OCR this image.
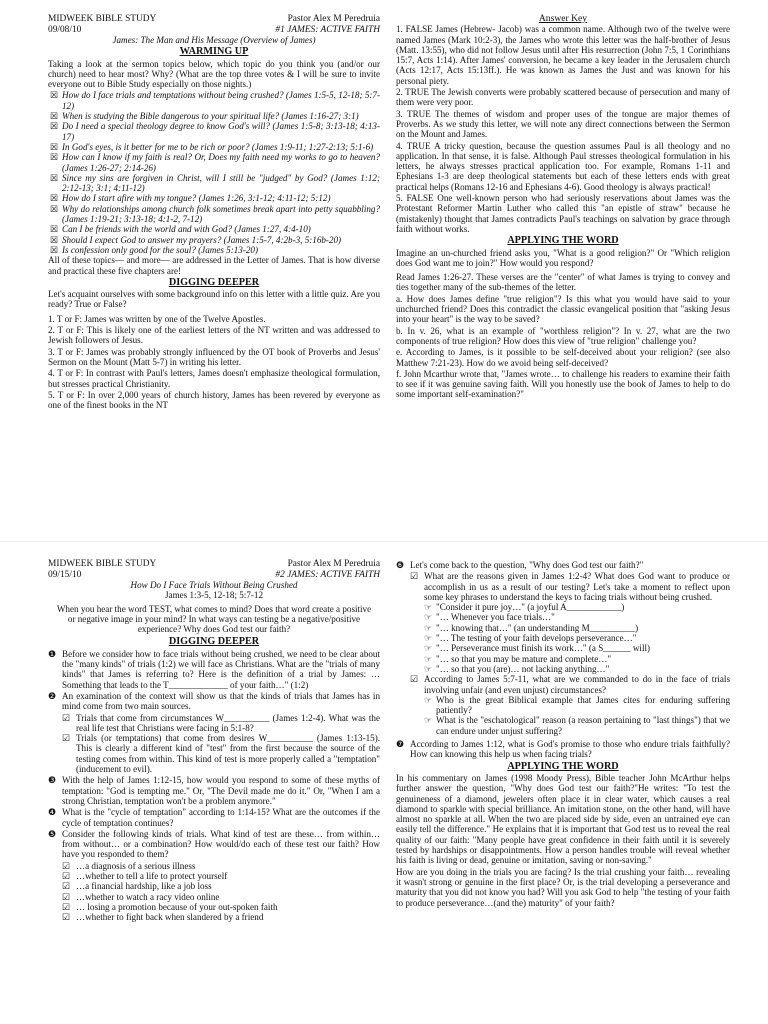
MIDWEEK BIBLE STUDY	Pastor Alex M Peredruia
09/08/10	#1 JAMES: ACTIVE FAITH
James: The Man and His Message (Overview of James)
WARMING UP

Taking a look at the sermon topics below, which topic do you think you (and/or our church) need to hear most? Why? (What are the top three votes & I will be sure to invite everyone out to Bible Study especially on those nights.)

☒ How do I face trials and temptations without being crushed? (James 1:5-5, 12-18; 5:7-12)
☒ When is studying the Bible dangerous to your spiritual life? (James 1:16-27; 3:1)
☒ Do I need a special theology degree to know God's will? (James 1:5-8; 3:13-18; 4:13-17)
☒ In God's eyes, is it better for me to be rich or poor? (James 1:9-11; 1:27-2:13; 5:1-6)
☒ How can I know if my faith is real? Or, Does my faith need my works to go to heaven? (James 1:26-27; 2:14-26)
☒ Since my sins are forgiven in Christ, will I still be "judged" by God? (James 1:12; 2:12-13; 3:1; 4:11-12)
☒ How do I start afire with my tongue? (James 1:26, 3:1-12; 4:11-12; 5:12)
☒ Why do relationships among church folk sometimes break apart into petty squabbling? (James 1:19-21; 3:13-18; 4:1-2, 7-12)
☒ Can I be friends with the world and with God? (James 1:27, 4:4-10)
☒ Should I expect God to answer my prayers? (James 1:5-7, 4:2b-3, 5:16b-20)
☒ Is confession only good for the soul? (James 5:13-20)

All of these topics— and more— are addressed in the Letter of James. That is how diverse and practical these five chapters are!

DIGGING DEEPER

Let's acquaint ourselves with some background info on this letter with a little quiz. Are you ready? True or False?

1. T or F: James was written by one of the Twelve Apostles.

2. T or F: This is likely one of the earliest letters of the NT written and was addressed to Jewish followers of Jesus.

3. T or F: James was probably strongly influenced by the OT book of Proverbs and Jesus' Sermon on the Mount (Matt 5-7) in writing his letter.

4. T or F: In contrast with Paul's letters, James doesn't emphasize theological formulation, but stresses practical Christianity.

5. T or F: In over 2,000 years of church history, James has been revered by everyone as one of the finest books in the NT

Answer Key

1. FALSE James (Hebrew- Jacob) was a common name. Although two of the twelve were named James (Mark 10:2-3), the James who wrote this letter was the half-brother of Jesus (Matt. 13:55), who did not follow Jesus until after His resurrection (John 7:5, 1 Corinthians 15:7, Acts 1:14). After James' conversion, he became a key leader in the Jerusalem church (Acts 12:17, Acts 15:13ff.). He was known as James the Just and was known for his personal piety.

2. TRUE The Jewish converts were probably scattered because of persecution and many of them were very poor.

3. TRUE The themes of wisdom and proper uses of the tongue are major themes of Proverbs. As we study this letter, we will note any direct connections between the Sermon on the Mount and James.

4. TRUE A tricky question, because the question assumes Paul is all theology and no application. In that sense, it is false. Although Paul stresses theological formulation in his letters, he always stresses practical application too. For example, Romans 1-11 and Ephesians 1-3 are deep theological statements but each of these letters ends with great practical helps (Romans 12-16 and Ephesians 4-6). Good theology is always practical!

5. FALSE One well-known person who had seriously reservations about James was the Protestant Reformer Martin Luther who called this "an epistle of straw" because he (mistakenly) thought that James contradicts Paul's teachings on salvation by grace through faith without works.

APPLYING THE WORD

Imagine an un-churched friend asks you, "What is a good religion?" Or "Which religion does God want me to join?" How would you respond?

Read James 1:26-27. These verses are the "center" of what James is trying to convey and ties together many of the sub-themes of the letter.

a. How does James define "true religion"? Is this what you would have said to your unchurched friend? Does this contradict the classic evangelical position that "asking Jesus into your heart" is the way to be saved?

b. In v. 26, what is an example of "worthless religion"? In v. 27, what are the two components of true religion? How does this view of "true religion" challenge you?

e. According to James, is it possible to be self-deceived about your religion? (see also Matthew 7:21-23). How do we avoid being self-deceived?

f. John Mcarthur wrote that, "James wrote… to challenge his readers to examine their faith to see if it was genuine saving faith. Will you honestly use the book of James to help to do some important self-examination?"

MIDWEEK BIBLE STUDY	Pastor Alex M Peredruia
09/15/10	#2 JAMES: ACTIVE FAITH
How Do I Face Trials Without Being Crushed
James 1:3-5, 12-18; 5:7-12

When you hear the word TEST, what comes to mind? Does that word create a positive or negative image in your mind? In what ways can testing be a negative/positive experience? Why does God test our faith?

DIGGING DEEPER
❶ Before we consider how to face trials without being crushed, we need to be clear about the "many kinds" of trials (1:2) we will face as Christians. What are the "trials of many kinds" that James is referring to? Here is the definition of a trial by James: …Something that leads to the T_____________ of your faith…" (1:2)
❷ An examination of the context will show us that the kinds of trials that James has in mind come from two main sources.
☑ Trials that come from circumstances W__________ (James 1:2-4). What was the real life test that Christians were facing in 5:1-8?
☑ Trials (or temptations) that come from desires W__________ (James 1:13-15). This is clearly a different kind of "test" from the first because the source of the testing comes from within. This kind of test is more properly called a "temptation" (inducement to evil).
❸ With the help of James 1:12-15, how would you respond to some of these myths of temptation: "God is tempting me." Or, "The Devil made me do it." Or, "When I am a strong Christian, temptation won't be a problem anymore."
❹ What is the "cycle of temptation" according to 1:14-15? What are the outcomes if the cycle of temptation continues?
❺ Consider the following kinds of trials. What kind of test are these… from within… from without… or a combination? How would/do each of these test our faith? How have you responded to them?
☑ …a diagnosis of a serious illness
☑ …whether to tell a life to protect yourself
☑ …a financial hardship, like a job loss
☑ …whether to watch a racy video online
☑ … losing a promotion because of your out-spoken faith
☑ …whether to fight back when slandered by a friend
❻ Let's come back to the question, "Why does God test our faith?"
☑ What are the reasons given in James 1:2-4? What does God want to produce or accomplish in us as a result of our testing? Let's take a moment to reflect upon some key phrases to understand the keys to facing trials without being crushed.
☞ "Consider it pure joy…" (a joyful A____________)
☞ "… Whenever you face trials…"
☞ "… knowing that…" (an understanding M__________)
☞ "… The testing of your faith develops perseverance…"
☞ "… Perseverance must finish its work…" (a S______ will)
☞ "… so that you may be mature and complete…"
☞ "… so that you (are)… not lacking anything…"
☑ According to James 5:7-11, what are we commanded to do in the face of trials involving unfair (and even unjust) circumstances?
☞ Who is the great Biblical example that James cites for enduring suffering patiently?
☞ What is the "eschatological" reason (a reason pertaining to "last things") that we can endure under unjust suffering?
❼ According to James 1:12, what is God's promise to those who endure trials faithfully? How can knowing this help us when facing trials?
APPLYING THE WORD

In his commentary on James (1998 Moody Press), Bible teacher John McArthur helps further answer the question, "Why does God test our faith?"He writes: "To test the genuineness of a diamond, jewelers often place it in clear water, which causes a real diamond to sparkle with special brilliance. An imitation stone, on the other hand, will have almost no sparkle at all. When the two are placed side by side, even an untrained eye can easily tell the difference." He explains that it is important that God test us to reveal the real quality of our faith: "Many people have great confidence in their faith until it is severely tested by hardships or disappointments. How a person handles trouble will reveal whether his faith is living or dead, genuine or imitation, saving or non-saving."

How are you doing in the trials you are facing? Is the trial crushing your faith… revealing it wasn't strong or genuine in the first place? Or, is the trial developing a perseverance and maturity that you did not know you had? Will you ask God to help "the testing of your faith to produce perseverance…(and the) maturity" of your faith?
